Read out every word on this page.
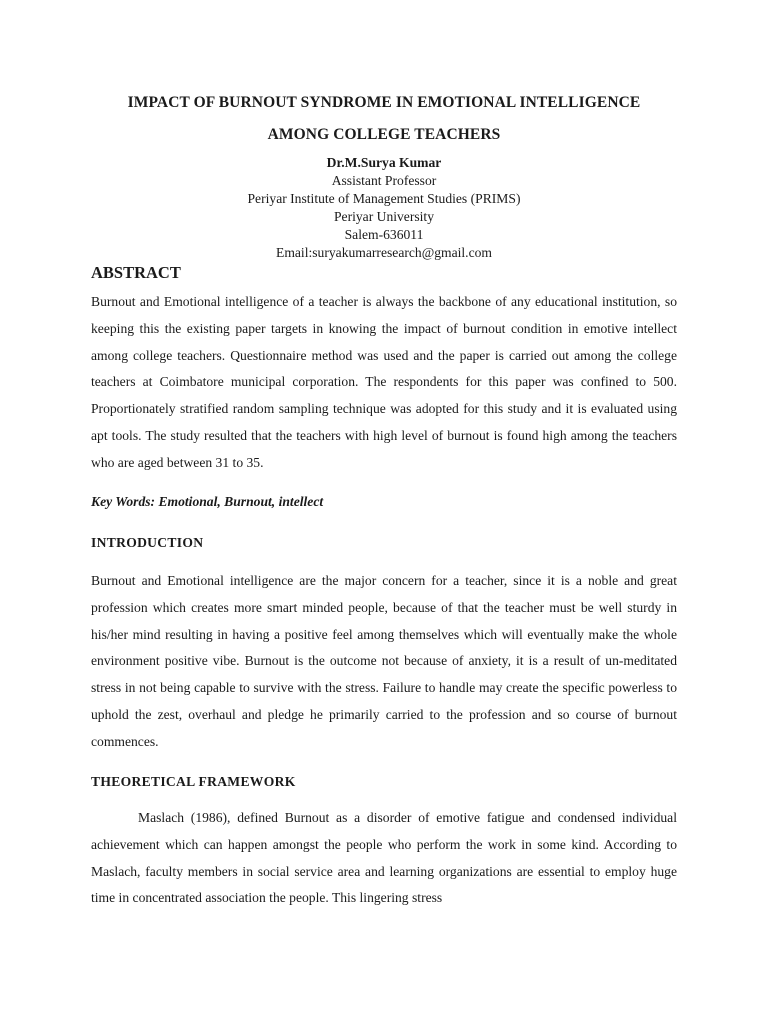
IMPACT OF BURNOUT SYNDROME IN EMOTIONAL INTELLIGENCE
AMONG COLLEGE TEACHERS
Dr.M.Surya Kumar
Assistant Professor
Periyar Institute of Management Studies (PRIMS)
Periyar University
Salem-636011
Email:suryakumarresearch@gmail.com
ABSTRACT
Burnout and Emotional intelligence of a teacher is always the backbone of any educational institution, so keeping this the existing paper targets in knowing the impact of burnout condition in emotive intellect among college teachers. Questionnaire method was used and the paper is carried out among the college teachers at Coimbatore municipal corporation. The respondents for this paper was confined to 500. Proportionately stratified random sampling technique was adopted for this study and it is evaluated using apt tools. The study resulted that the teachers with high level of burnout is found high among the teachers who are aged between 31 to 35.
Key Words: Emotional, Burnout, intellect
INTRODUCTION
Burnout and Emotional intelligence are the major concern for a teacher, since it is a noble and great profession which creates more smart minded people, because of that the teacher must be well sturdy in his/her mind resulting in having a positive feel among themselves which will eventually make the whole environment positive vibe. Burnout is the outcome not because of anxiety, it is a result of un-meditated stress in not being capable to survive with the stress. Failure to handle may create the specific powerless to uphold the zest, overhaul and pledge he primarily carried to the profession and so course of burnout commences.
THEORETICAL FRAMEWORK
Maslach (1986), defined Burnout as a disorder of emotive fatigue and condensed individual achievement which can happen amongst the people who perform the work in some kind. According to Maslach, faculty members in social service area and learning organizations are essential to employ huge time in concentrated association the people. This lingering stress
